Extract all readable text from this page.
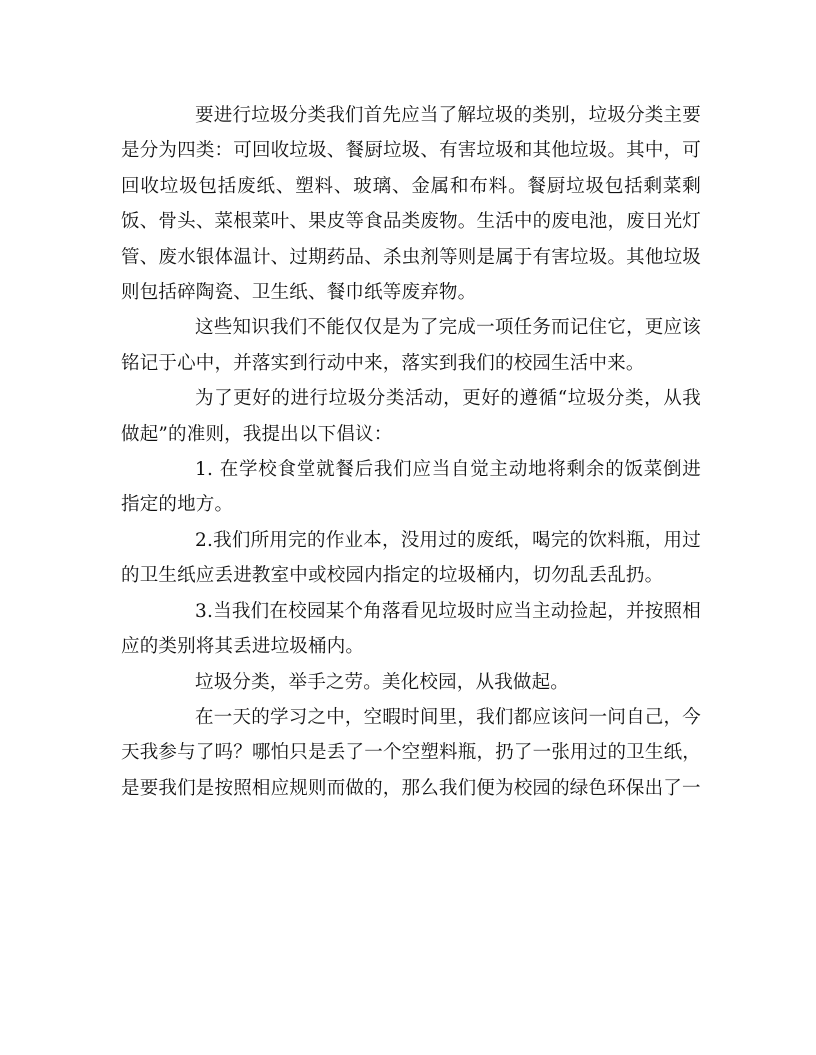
要进行垃圾分类我们首先应当了解垃圾的类别，垃圾分类主要是分为四类：可回收垃圾、餐厨垃圾、有害垃圾和其他垃圾。其中，可回收垃圾包括废纸、塑料、玻璃、金属和布料。餐厨垃圾包括剩菜剩饭、骨头、菜根菜叶、果皮等食品类废物。生活中的废电池，废日光灯管、废水银体温计、过期药品、杀虫剂等则是属于有害垃圾。其他垃圾则包括碎陶瓷、卫生纸、餐巾纸等废弃物。

这些知识我们不能仅仅是为了完成一项任务而记住它，更应该铭记于心中，并落实到行动中来，落实到我们的校园生活中来。

为了更好的进行垃圾分类活动，更好的遵循“垃圾分类，从我做起”的准则，我提出以下倡议：

1. 在学校食堂就餐后我们应当自觉主动地将剩余的饭菜倒进指定的地方。

2.我们所用完的作业本，没用过的废纸，喝完的饮料瓶，用过的卫生纸应丢进教室中或校园内指定的垃圾桶内，切勿乱丢乱扔。

3.当我们在校园某个角落看见垃圾时应当主动捡起，并按照相应的类别将其丢进垃圾桶内。

垃圾分类，举手之劳。美化校园，从我做起。

在一天的学习之中，空暇时间里，我们都应该问一问自己，今天我参与了吗？哪怕只是丢了一个空塑料瓶，扔了一张用过的卫生纸，是要我们是按照相应规则而做的，那么我们便为校园的绿色环保出了一
